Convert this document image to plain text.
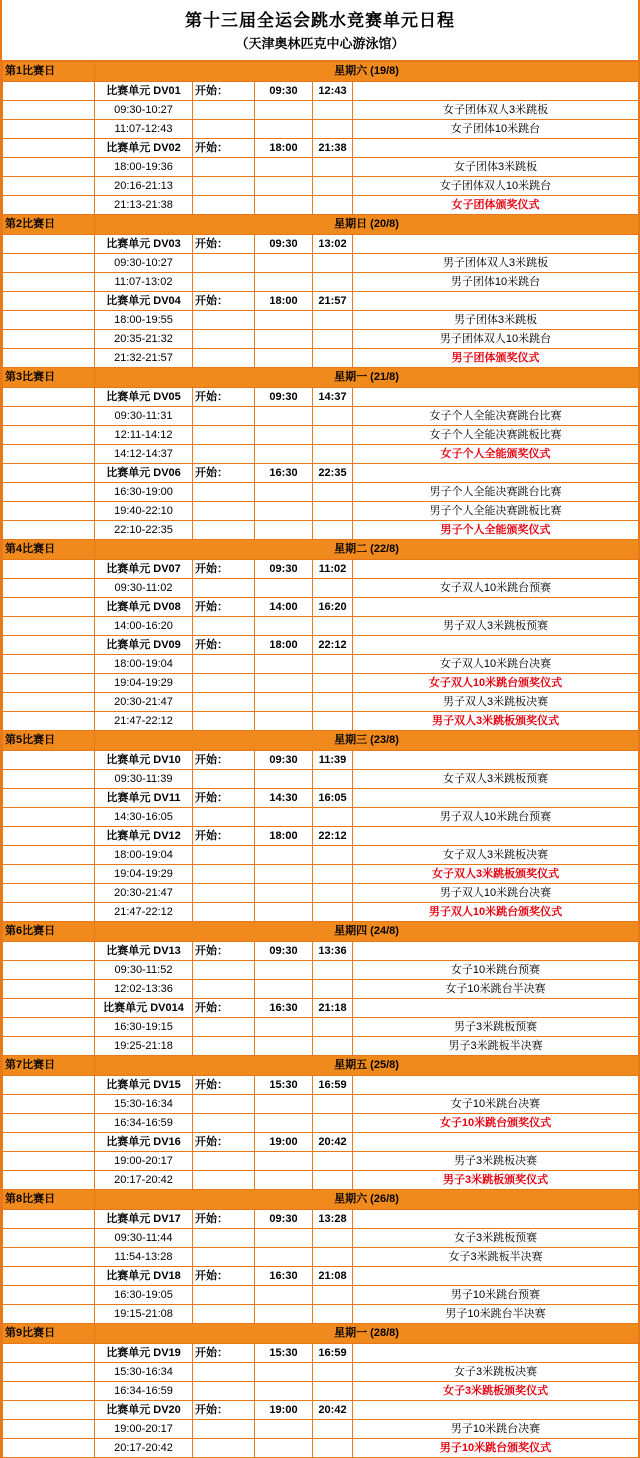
第十三届全运会跳水竞赛单元日程
（天津奥林匹克中心游泳馆）
第1比赛日	星期六 (19/8)				
	比赛单元 DV01	开始：	09:30	12:43	
	09:30-10:27				女子团体双人3米跳板
	11:07-12:43				女子团体10米跳台
	比赛单元 DV02	开始：	18:00	21:38	
	18:00-19:36				女子团体3米跳板
	20:16-21:13				女子团体双人10米跳台
	21:13-21:38				女子团体颁奖仪式
第2比赛日	星期日 (20/8)				
	比赛单元 DV03	开始：	09:30	13:02	
	09:30-10:27				男子团体双人3米跳板
	11:07-13:02				男子团体10米跳台
	比赛单元 DV04	开始：	18:00	21:57	
	18:00-19:55				男子团体3米跳板
	20:35-21:32				男子团体双人10米跳台
	21:32-21:57				男子团体颁奖仪式
第3比赛日	星期一 (21/8)				
	比赛单元 DV05	开始：	09:30	14:37	
	09:30-11:31				女子个人全能决赛跳台比赛
	12:11-14:12				女子个人全能决赛跳板比赛
	14:12-14:37				女子个人全能颁奖仪式
	比赛单元 DV06	开始：	16:30	22:35	
	16:30-19:00				男子个人全能决赛跳台比赛
	19:40-22:10				男子个人全能决赛跳板比赛
	22:10-22:35				男子个人全能颁奖仪式
第4比赛日	星期二 (22/8)				
	比赛单元 DV07	开始：	09:30	11:02	
	09:30-11:02				女子双人10米跳台预赛
	比赛单元 DV08	开始：	14:00	16:20	
	14:00-16:20				男子双人3米跳板预赛
	比赛单元 DV09	开始：	18:00	22:12	
	18:00-19:04				女子双人10米跳台决赛
	19:04-19:29				女子双人10米跳台颁奖仪式
	20:30-21:47				男子双人3米跳板决赛
	21:47-22:12				男子双人3米跳板颁奖仪式
第5比赛日	星期三 (23/8)				
	比赛单元 DV10	开始：	09:30	11:39	
	09:30-11:39				女子双人3米跳板预赛
	比赛单元 DV11	开始：	14:30	16:05	
	14:30-16:05				男子双人10米跳台预赛
	比赛单元 DV12	开始：	18:00	22:12	
	18:00-19:04				女子双人3米跳板决赛
	19:04-19:29				女子双人3米跳板颁奖仪式
	20:30-21:47				男子双人10米跳台决赛
	21:47-22:12				男子双人10米跳台颁奖仪式
第6比赛日	星期四 (24/8)				
	比赛单元 DV13	开始：	09:30	13:36	
	09:30-11:52				女子10米跳台预赛
	12:02-13:36				女子10米跳台半决赛
	比赛单元 DV014	开始：	16:30	21:18	
	16:30-19:15				男子3米跳板预赛
	19:25-21:18				男子3米跳板半决赛
第7比赛日	星期五 (25/8)				
	比赛单元 DV15	开始：	15:30	16:59	
	15:30-16:34				女子10米跳台决赛
	16:34-16:59				女子10米跳台颁奖仪式
	比赛单元 DV16	开始：	19:00	20:42	
	19:00-20:17				男子3米跳板决赛
	20:17-20:42				男子3米跳板颁奖仪式
第8比赛日	星期六 (26/8)				
	比赛单元 DV17	开始：	09:30	13:28	
	09:30-11:44				女子3米跳板预赛
	11:54-13:28				女子3米跳板半决赛
	比赛单元 DV18	开始：	16:30	21:08	
	16:30-19:05				男子10米跳台预赛
	19:15-21:08				男子10米跳台半决赛
第9比赛日	星期一 (28/8)				
	比赛单元 DV19	开始：	15:30	16:59	
	15:30-16:34				女子3米跳板决赛
	16:34-16:59				女子3米跳板颁奖仪式
	比赛单元 DV20	开始：	19:00	20:42	
	19:00-20:17				男子10米跳台决赛
	20:17-20:42				男子10米跳台颁奖仪式
